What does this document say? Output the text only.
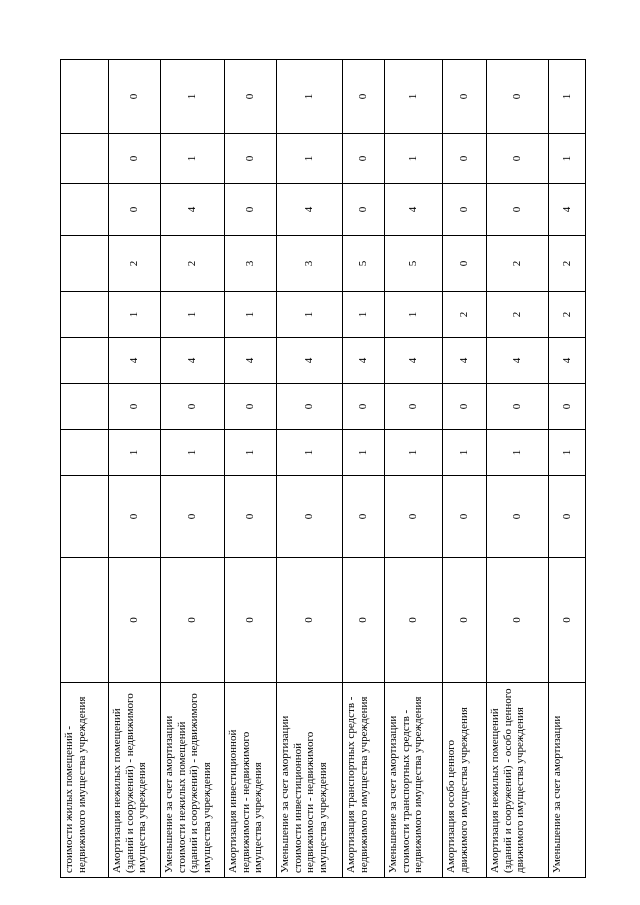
стоимости жилых помещений - недвижимого имущества учреждения										
Амортизация нежилых помещений (зданий и сооружений) - недвижимого имущества учреждения	0	0	1	0	4	1	2	0	0	0
Уменьшение за счет амортизации стоимости нежилых помещений (зданий и сооружений) - недвижимого имущества учреждения	0	0	1	0	4	1	2	4	1	1
Амортизация инвестиционной недвижимости - недвижимого имущества учреждения	0	0	1	0	4	1	3	0	0	0
Уменьшение за счет амортизации стоимости инвестиционной недвижимости - недвижимого имущества учреждения	0	0	1	0	4	1	3	4	1	1
Амортизация транспортных средств - недвижимого имущества учреждения	0	0	1	0	4	1	5	0	0	0
Уменьшение за счет амортизации стоимости транспортных средств - недвижимого имущества учреждения	0	0	1	0	4	1	5	4	1	1
Амортизация особо ценного движимого имущества учреждения	0	0	1	0	4	2	0	0	0	0
Амортизация нежилых помещений (зданий и сооружений) - особо ценного движимого имущества учреждения	0	0	1	0	4	2	2	0	0	0
Уменьшение за счет амортизации	0	0	1	0	4	2	2	4	1	1
